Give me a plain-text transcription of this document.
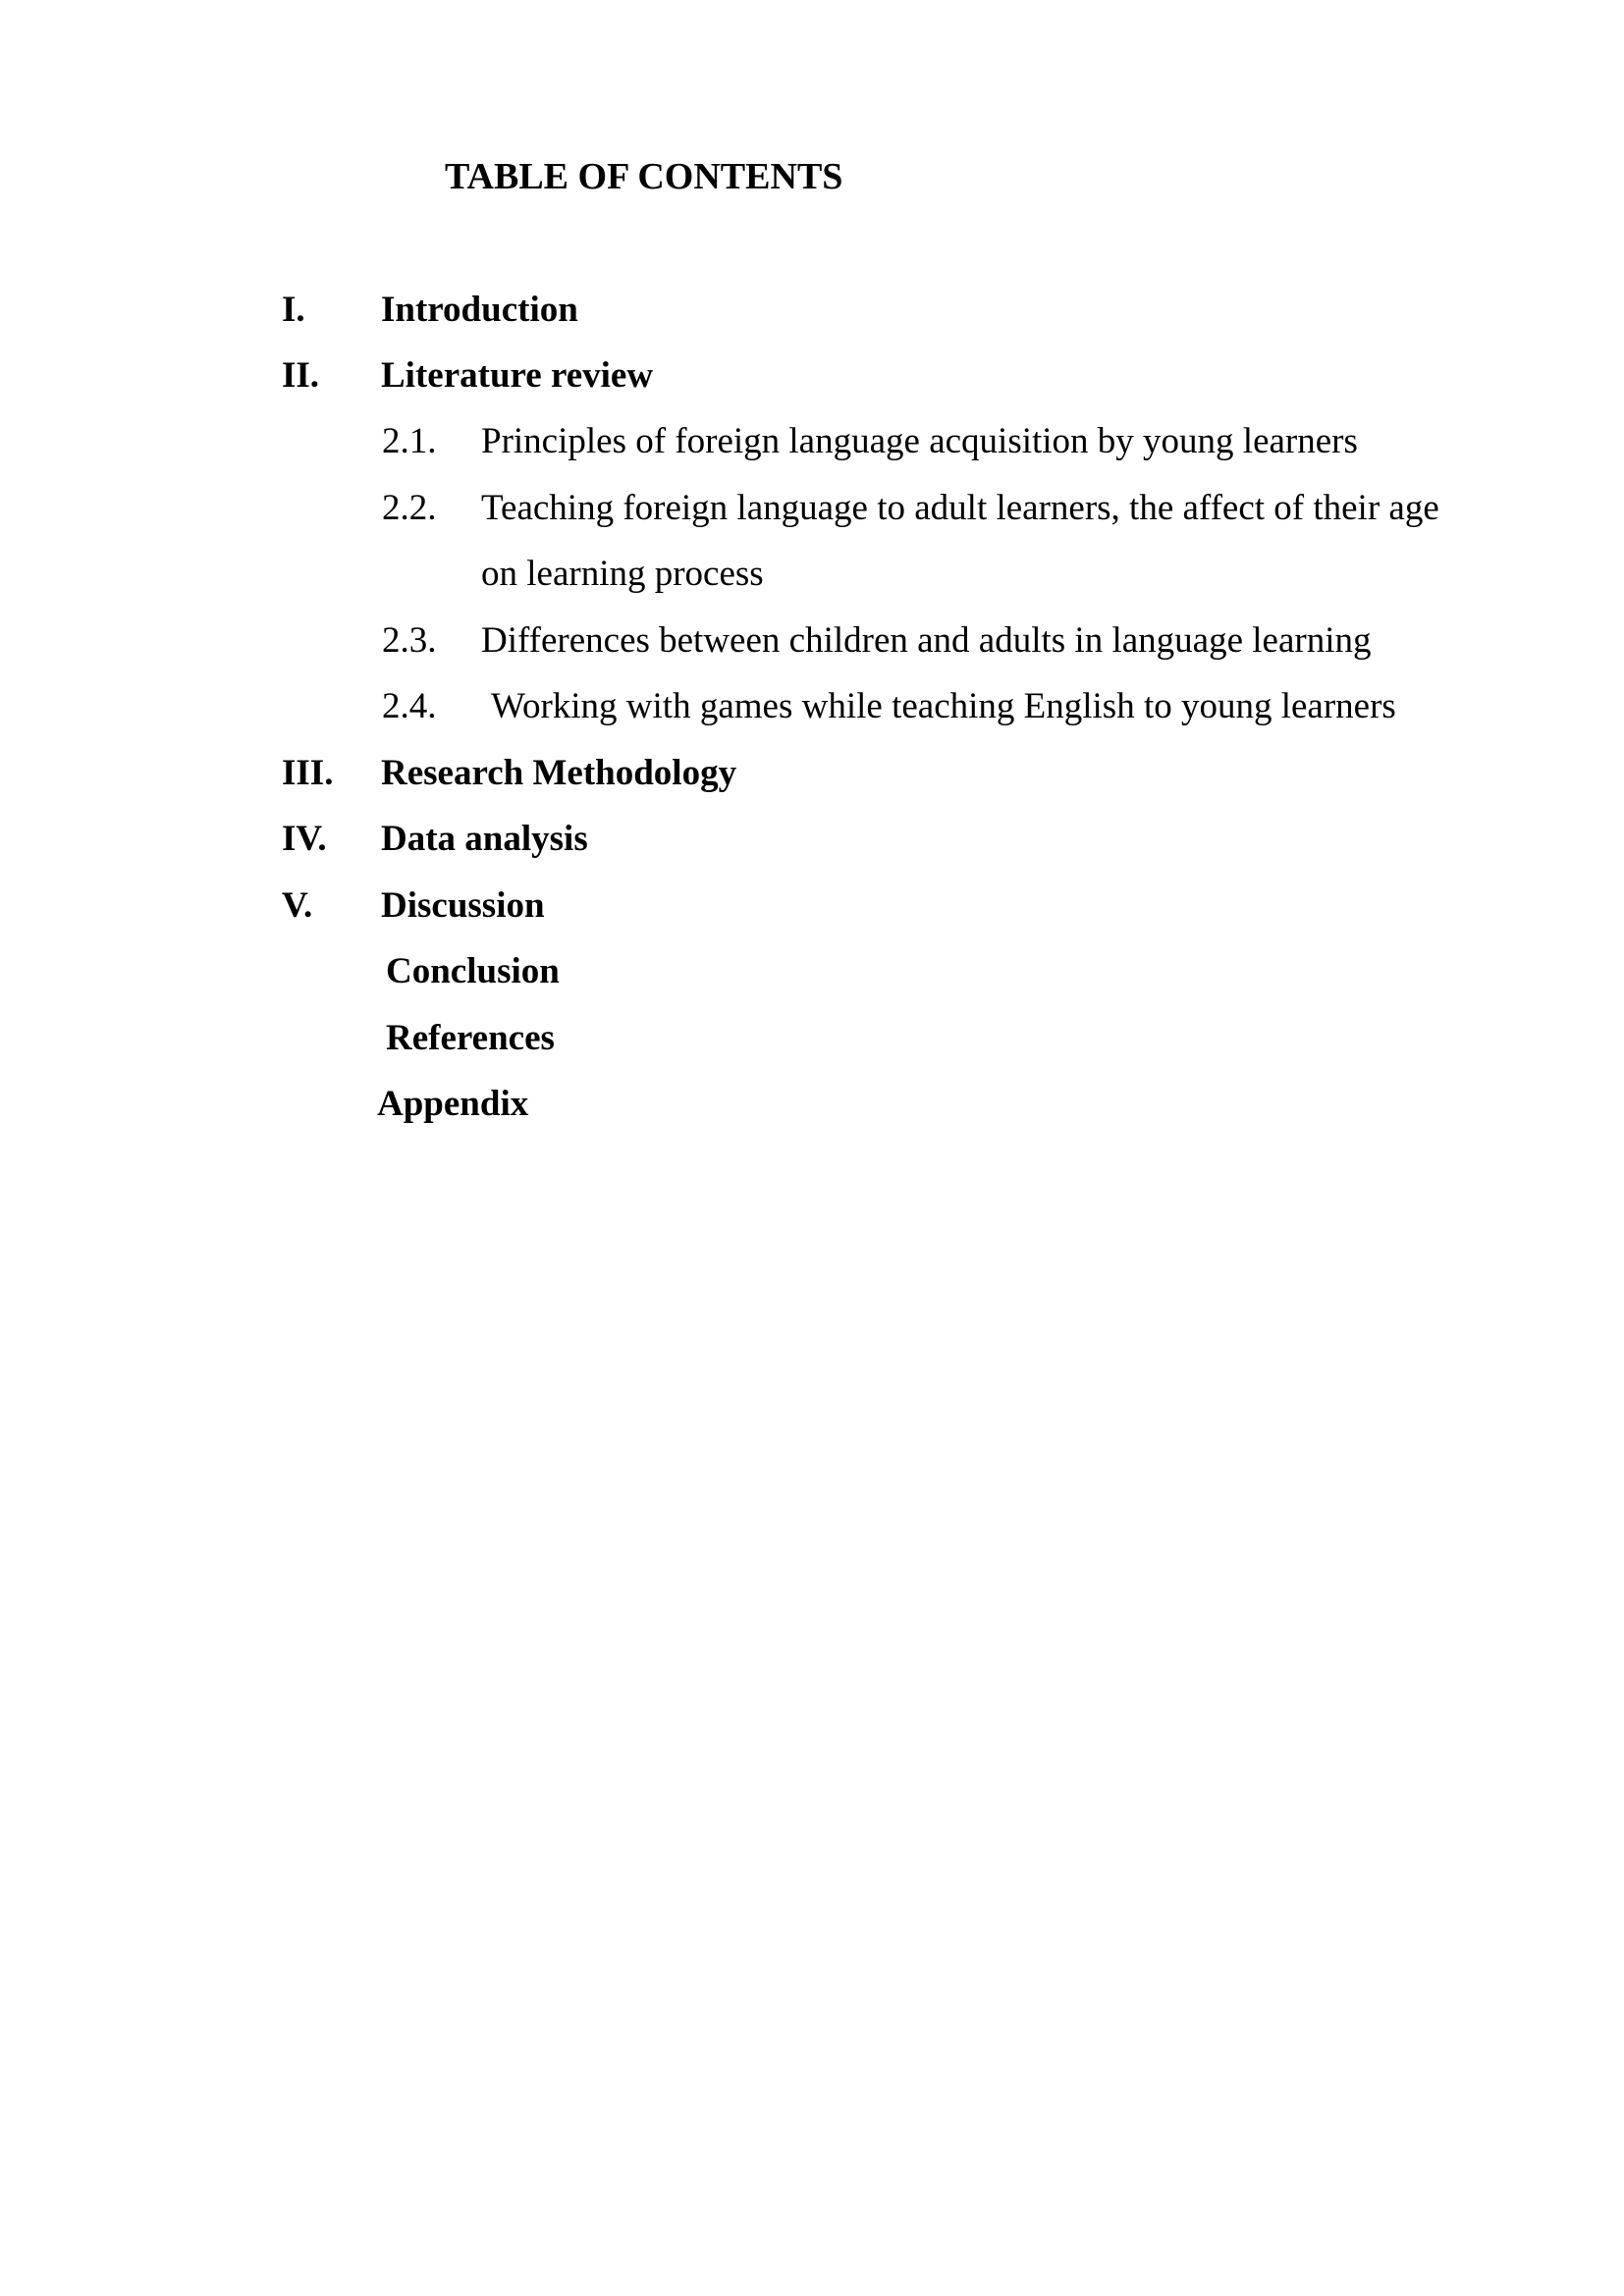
TABLE OF CONTENTS
I. Introduction
II. Literature review
2.1. Principles of foreign language acquisition by young learners
2.2. Teaching foreign language to adult learners, the affect of their age
on learning process
2.3. Differences between children and adults in language learning
2.4. Working with games while teaching English to young learners
III. Research Methodology
IV. Data analysis
V. Discussion
Conclusion
References
Appendix
